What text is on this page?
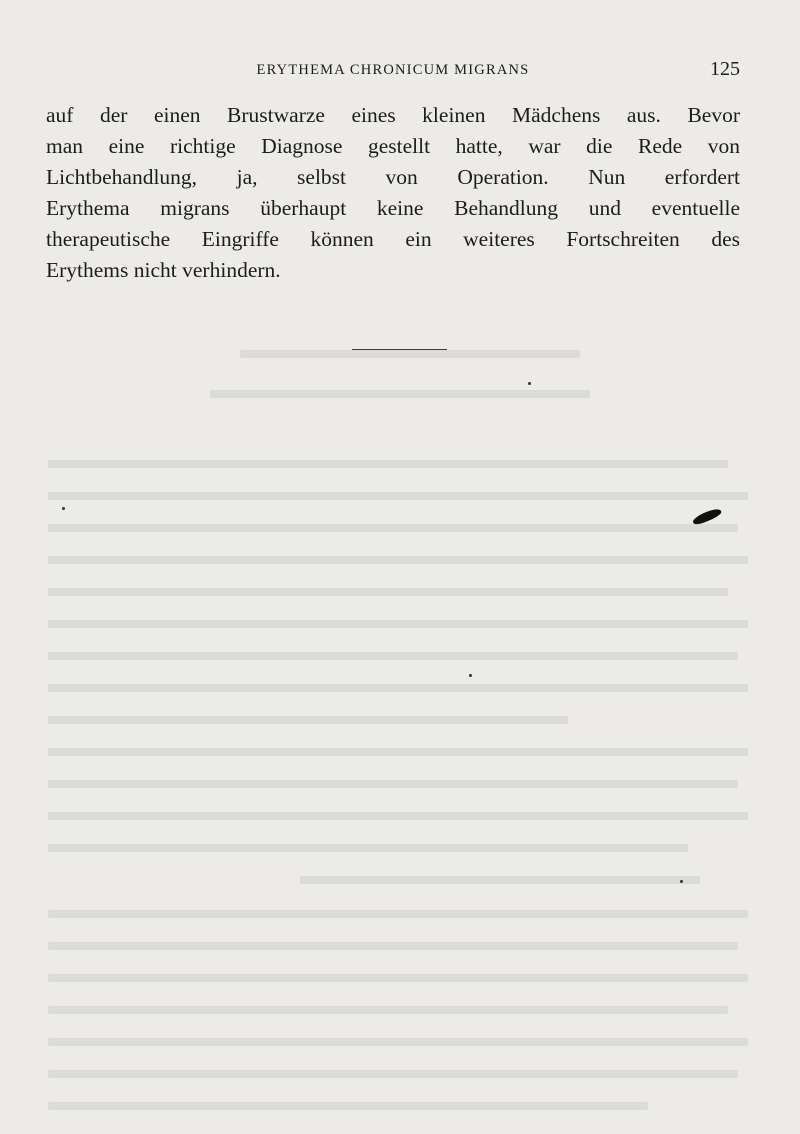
ERYTHEMA CHRONICUM MIGRANS	125
auf der einen Brustwarze eines kleinen Mädchens aus. Bevor
man eine richtige Diagnose gestellt hatte, war die Rede von
Lichtbehandlung, ja, selbst von Operation. Nun erfordert
Erythema migrans überhaupt keine Behandlung und eventuelle
therapeutische Eingriffe können ein weiteres Fortschreiten des
Erythems nicht verhindern.
